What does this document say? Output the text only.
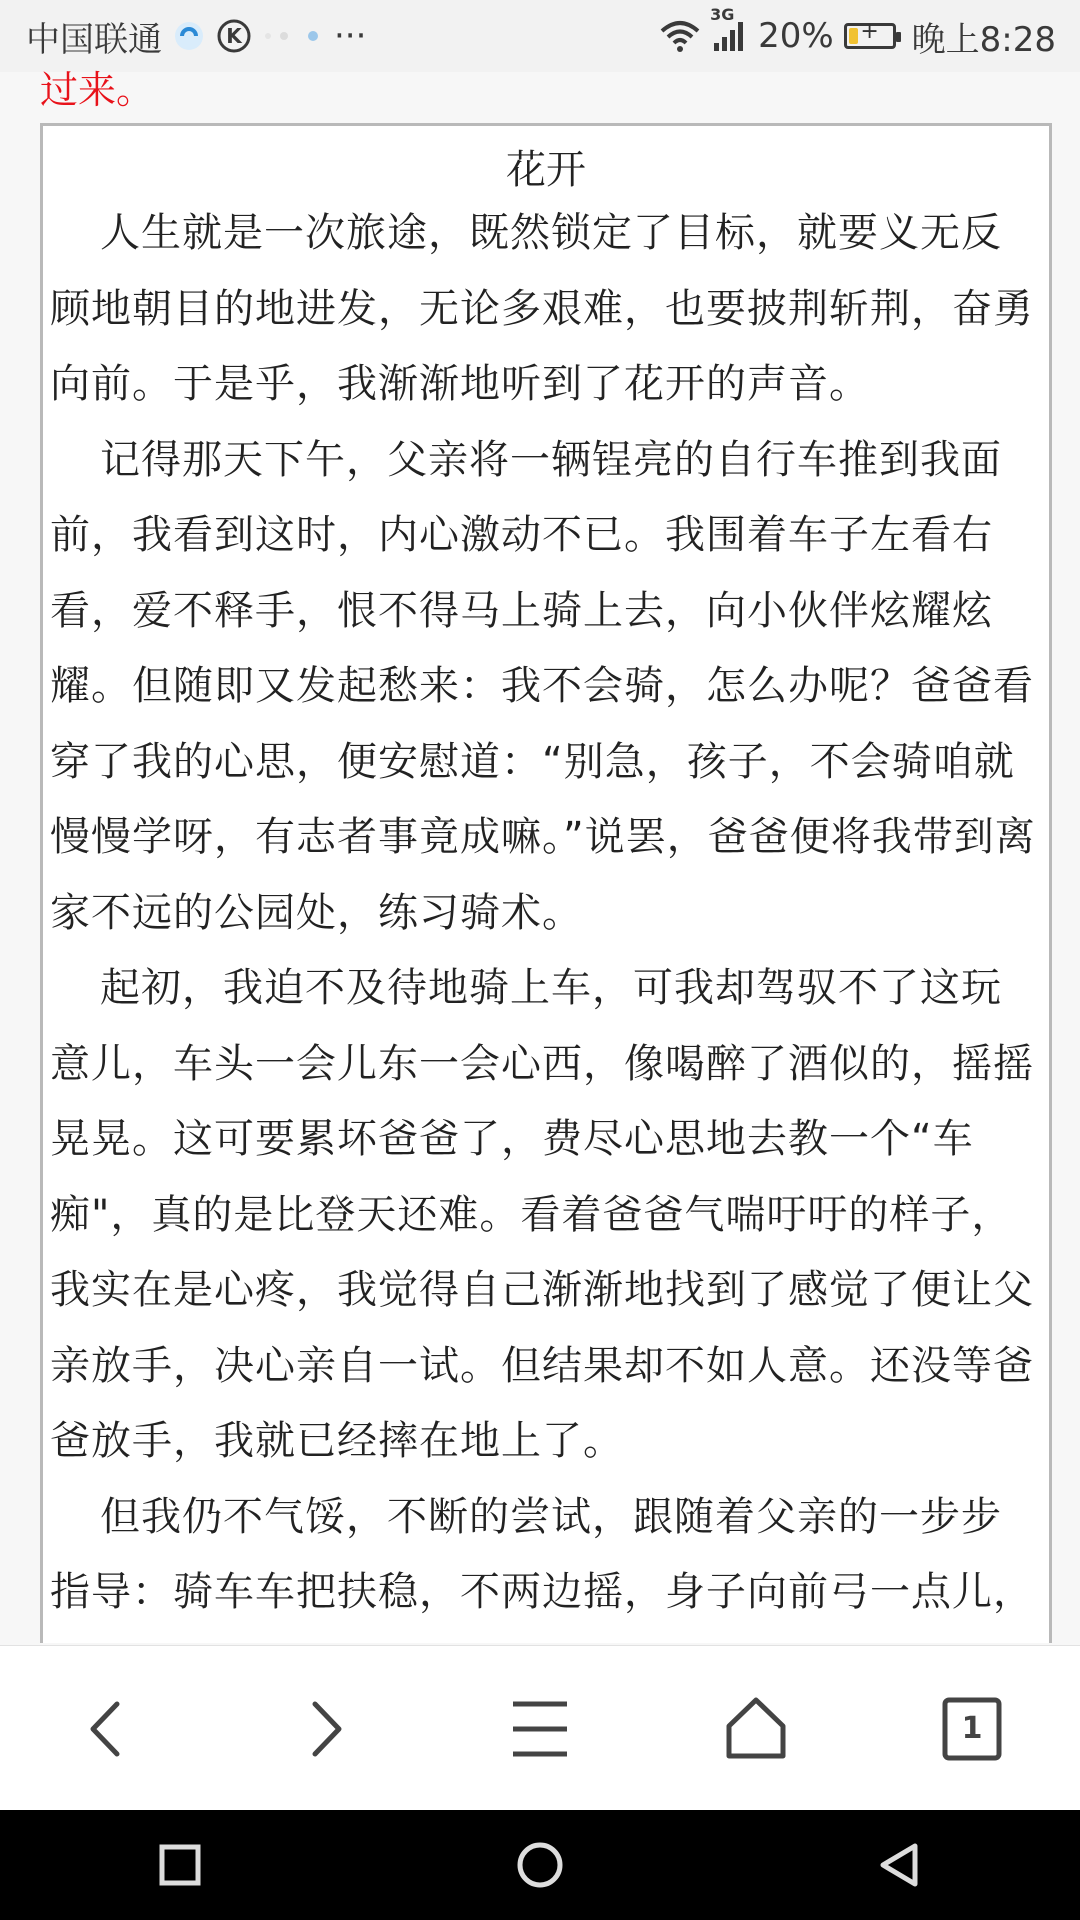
中国联通	K	···
3G
20%	+ 晚上8:28
过来。
花开

人生就是一次旅途，既然锁定了目标，就要义无反顾地朝目的地进发，无论多艰难，也要披荆斩荆，奋勇向前。于是乎，我渐渐地听到了花开的声音。

记得那天下午，父亲将一辆锃亮的自行车推到我面前，我看到这时，内心激动不已。我围着车子左看右看，爱不释手，恨不得马上骑上去，向小伙伴炫耀炫耀。但随即又发起愁来：我不会骑，怎么办呢？爸爸看穿了我的心思，便安慰道：“别急，孩子，不会骑咱就慢慢学呀，有志者事竟成嘛。”说罢，爸爸便将我带到离家不远的公园处，练习骑术。

起初，我迫不及待地骑上车，可我却驾驭不了这玩意儿，车头一会儿东一会心西，像喝醉了酒似的，摇摇晃晃。这可要累坏爸爸了，费尽心思地去教一个“车痴"，真的是比登天还难。看着爸爸气喘吁吁的样子，我实在是心疼，我觉得自己渐渐地找到了感觉了便让父亲放手，决心亲自一试。但结果却不如人意。还没等爸爸放手，我就已经摔在地上了。

但我仍不气馁，不断的尝试，跟随着父亲的一步步指导：骑车车把扶稳，不两边摇，身子向前弓一点儿，

1
